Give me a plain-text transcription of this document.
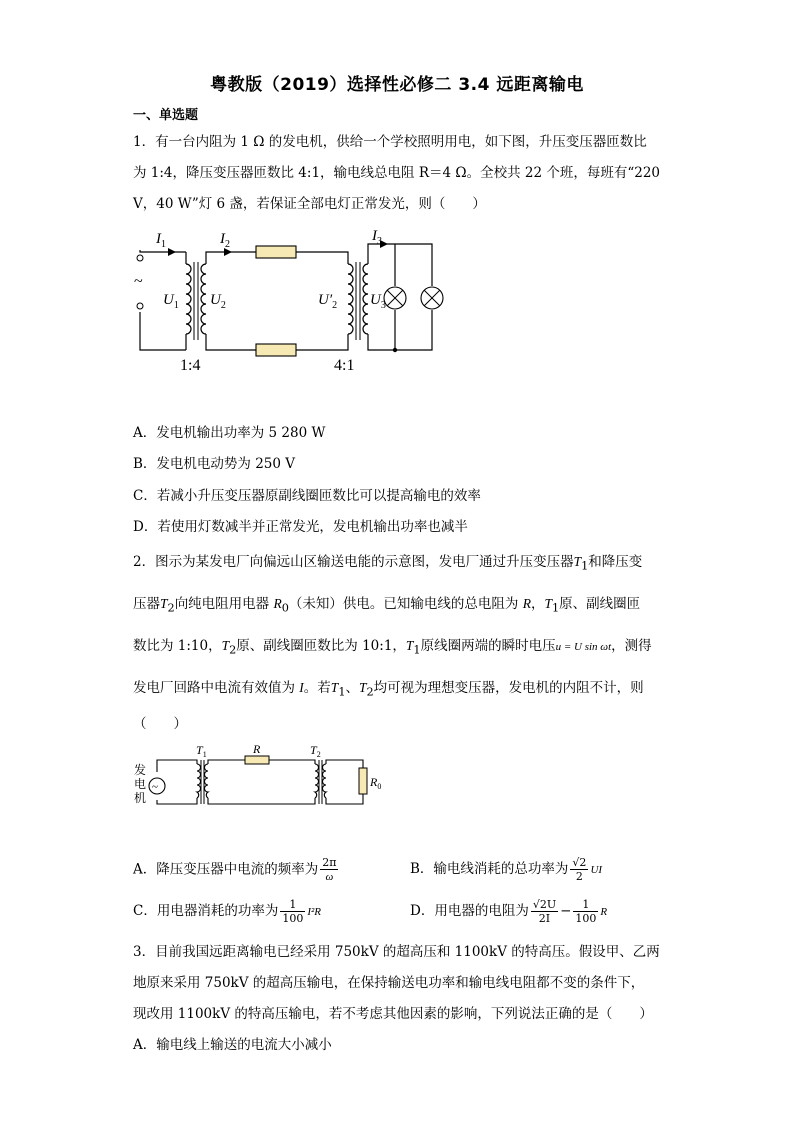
粤教版（2019）选择性必修二 3.4 远距离输电
一、单选题
1．有一台内阻为 1 Ω 的发电机，供给一个学校照明用电，如下图，升压变压器匝数比
为 1:4，降压变压器匝数比 4:1，输电线总电阻 R＝4 Ω。全校共 22 个班，每班有“220
V，40 W”灯 6 盏，若保证全部电灯正常发光，则（　　）
~
$I_1$	$I_2$
$I_3$
$U_1$ $U_2$	$U'_2$ $U_3$
1:4	4:1
A．发电机输出功率为 5 280 W
B．发电机电动势为 250 V
C．若减小升压变压器原副线圈匝数比可以提高输电的效率
D．若使用灯数减半并正常发光，发电机输出功率也减半
2．图示为某发电厂向偏远山区输送电能的示意图，发电厂通过升压变压器$T_1$和降压变
压器$T_2$向纯电阻用电器 $R_0$（未知）供电。已知输电线的总电阻为 R，$T_1$原、副线圈匝
数比为 1:10，$T_2$原、副线圈匝数比为 10:1，$T_1$原线圈两端的瞬时电压u = U sin ωt，测得
发电厂回路中电流有效值为 I。若$T_1$、$T_2$均可视为理想变压器，发电机的内阻不计，则
（　　）
~
发
电
机
$T_1$	R	$T_2$
$R_0$
A．降压变压器中电流的频率为 $\frac{2\pi}{\omega}$	B．输电线消耗的总功率为 $\frac{√2}{2}$ UI
C．用电器消耗的功率为 $\frac{1}{100} I^2R$	D．用电器的电阻为 $\frac{√2U}{2I} - \frac{1}{100}$ R
3．目前我国远距离输电已经采用 750kV 的超高压和 1100kV 的特高压。假设甲、乙两
地原来采用 750kV 的超高压输电，在保持输送电功率和输电线电阻都不变的条件下，
现改用 1100kV 的特高压输电，若不考虑其他因素的影响，下列说法正确的是（　　）
A．输电线上输送的电流大小减小
